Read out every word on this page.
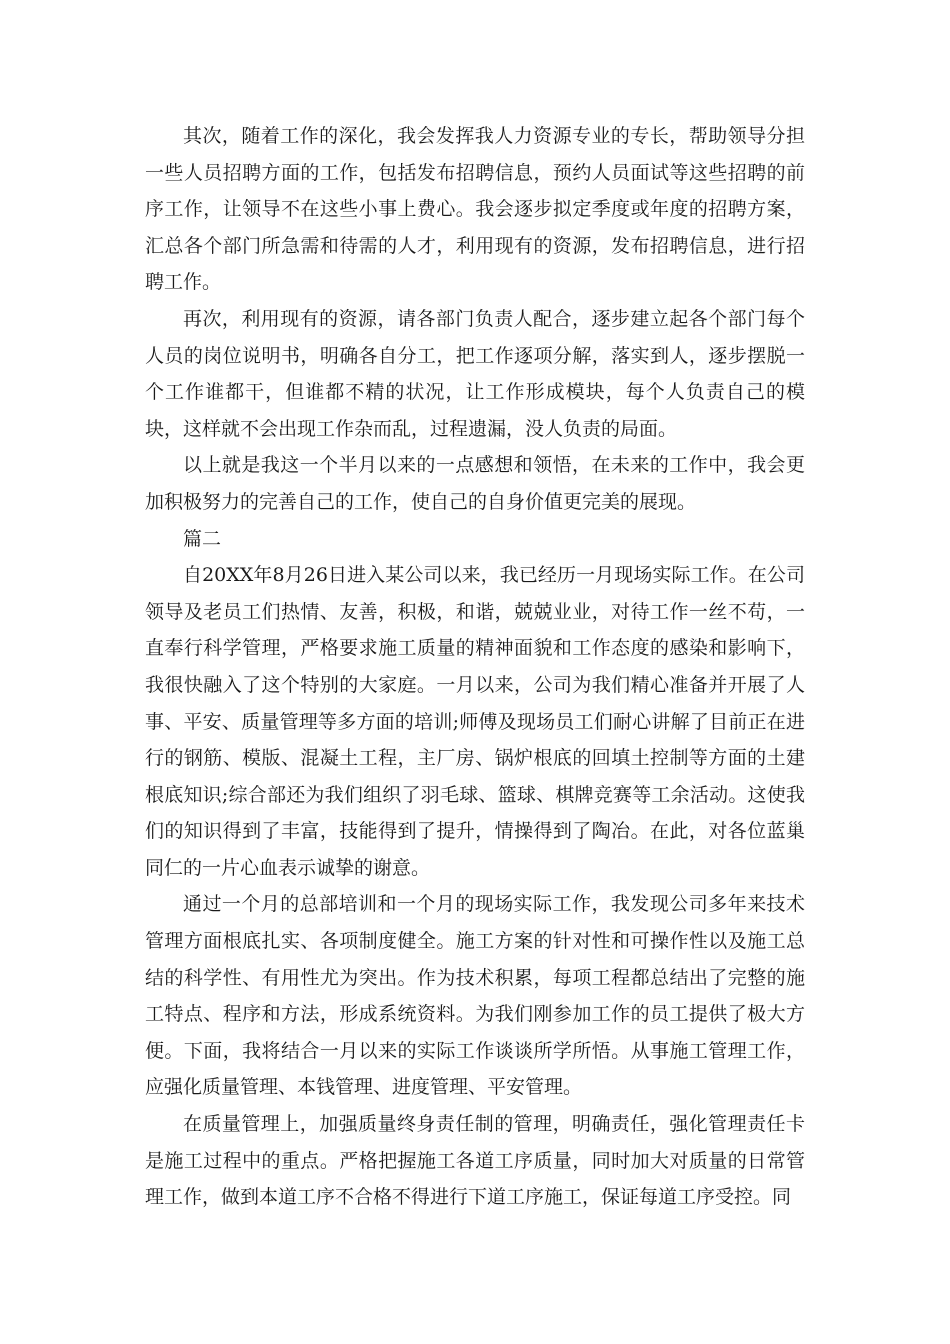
其次，随着工作的深化，我会发挥我人力资源专业的专长，帮助领导分担一些人员招聘方面的工作，包括发布招聘信息，预约人员面试等这些招聘的前序工作，让领导不在这些小事上费心。我会逐步拟定季度或年度的招聘方案，汇总各个部门所急需和待需的人才，利用现有的资源，发布招聘信息，进行招聘工作。

再次，利用现有的资源，请各部门负责人配合，逐步建立起各个部门每个人员的岗位说明书，明确各自分工，把工作逐项分解，落实到人，逐步摆脱一个工作谁都干，但谁都不精的状况，让工作形成模块，每个人负责自己的模块，这样就不会出现工作杂而乱，过程遗漏，没人负责的局面。

以上就是我这一个半月以来的一点感想和领悟，在未来的工作中，我会更加积极努力的完善自己的工作，使自己的自身价值更完美的展现。

篇二

自20XX年8月26日进入某公司以来，我已经历一月现场实际工作。在公司领导及老员工们热情、友善，积极，和谐，兢兢业业，对待工作一丝不苟，一直奉行科学管理，严格要求施工质量的精神面貌和工作态度的感染和影响下，我很快融入了这个特别的大家庭。一月以来，公司为我们精心准备并开展了人事、平安、质量管理等多方面的培训;师傅及现场员工们耐心讲解了目前正在进行的钢筋、模版、混凝土工程，主厂房、锅炉根底的回填土控制等方面的土建根底知识;综合部还为我们组织了羽毛球、篮球、棋牌竞赛等工余活动。这使我们的知识得到了丰富，技能得到了提升，情操得到了陶冶。在此，对各位蓝巢同仁的一片心血表示诚挚的谢意。

通过一个月的总部培训和一个月的现场实际工作，我发现公司多年来技术管理方面根底扎实、各项制度健全。施工方案的针对性和可操作性以及施工总结的科学性、有用性尤为突出。作为技术积累，每项工程都总结出了完整的施工特点、程序和方法，形成系统资料。为我们刚参加工作的员工提供了极大方便。下面，我将结合一月以来的实际工作谈谈所学所悟。从事施工管理工作，应强化质量管理、本钱管理、进度管理、平安管理。

在质量管理上，加强质量终身责任制的管理，明确责任，强化管理责任卡是施工过程中的重点。严格把握施工各道工序质量，同时加大对质量的日常管理工作，做到本道工序不合格不得进行下道工序施工，保证每道工序受控。同
